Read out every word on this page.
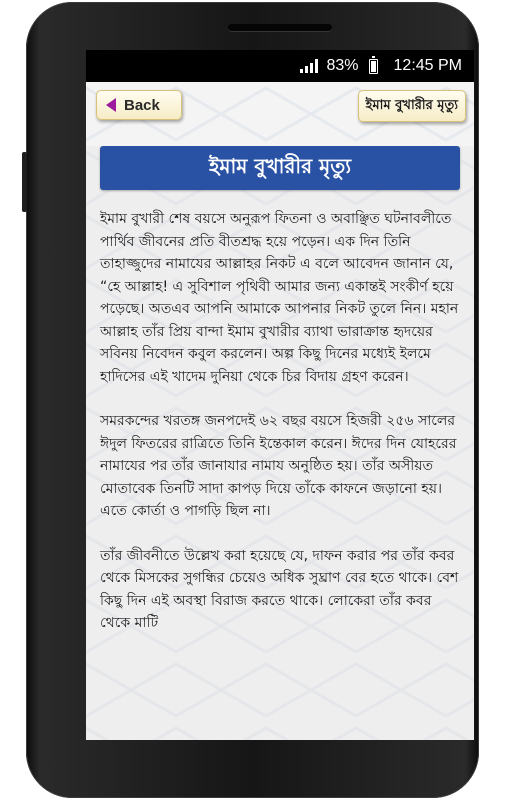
83% 12:45 PM
Back	ইমাম বুখারীর মৃত্যু
ইমাম বুখারীর মৃত্যু

ইমাম বুখারী শেষ বয়সে অনুরূপ ফিতনা ও অবাঞ্ছিত ঘটনাবলীতে পার্থিব জীবনের প্রতি বীতশ্রদ্ধ হয়ে পড়েন। এক দিন তিনি তাহাজ্জুদের নামাযের আল্লাহর নিকট এ বলে আবেদন জানান যে, “হে আল্লাহ! এ সুবিশাল পৃথিবী আমার জন্য একান্তই সংকীর্ণ হয়ে পড়েছে। অতএব আপনি আমাকে আপনার নিকট তুলে নিন। মহান আল্লাহ তাঁর প্রিয় বান্দা ইমাম বুখারীর ব্যাথা ভারাক্রান্ত হৃদয়ের সবিনয় নিবেদন কবুল করলেন। অল্প কিছু দিনের মধ্যেই ইলমে হাদিসের এই খাদেম দুনিয়া থেকে চির বিদায় গ্রহণ করেন।

সমরকন্দের খরতঙ্গ জনপদেই ৬২ বছর বয়সে হিজরী ২৫৬ সালের ঈদুল ফিতরের রাত্রিতে তিনি ইন্তেকাল করেন। ঈদের দিন যোহরের নামাযের পর তাঁর জানাযার নামায অনুষ্ঠিত হয়। তাঁর অসীয়ত মোতাবেক তিনটি সাদা কাপড় দিয়ে তাঁকে কাফনে জড়ানো হয়। এতে কোর্তা ও পাগড়ি ছিল না।

তাঁর জীবনীতে উল্লেখ করা হয়েছে যে, দাফন করার পর তাঁর কবর থেকে মিসকের সুগন্ধির চেয়েও অধিক সুঘ্রাণ বের হতে থাকে। বেশ কিছু দিন এই অবস্থা বিরাজ করতে থাকে। লোকেরা তাঁর কবর থেকে মাটি
